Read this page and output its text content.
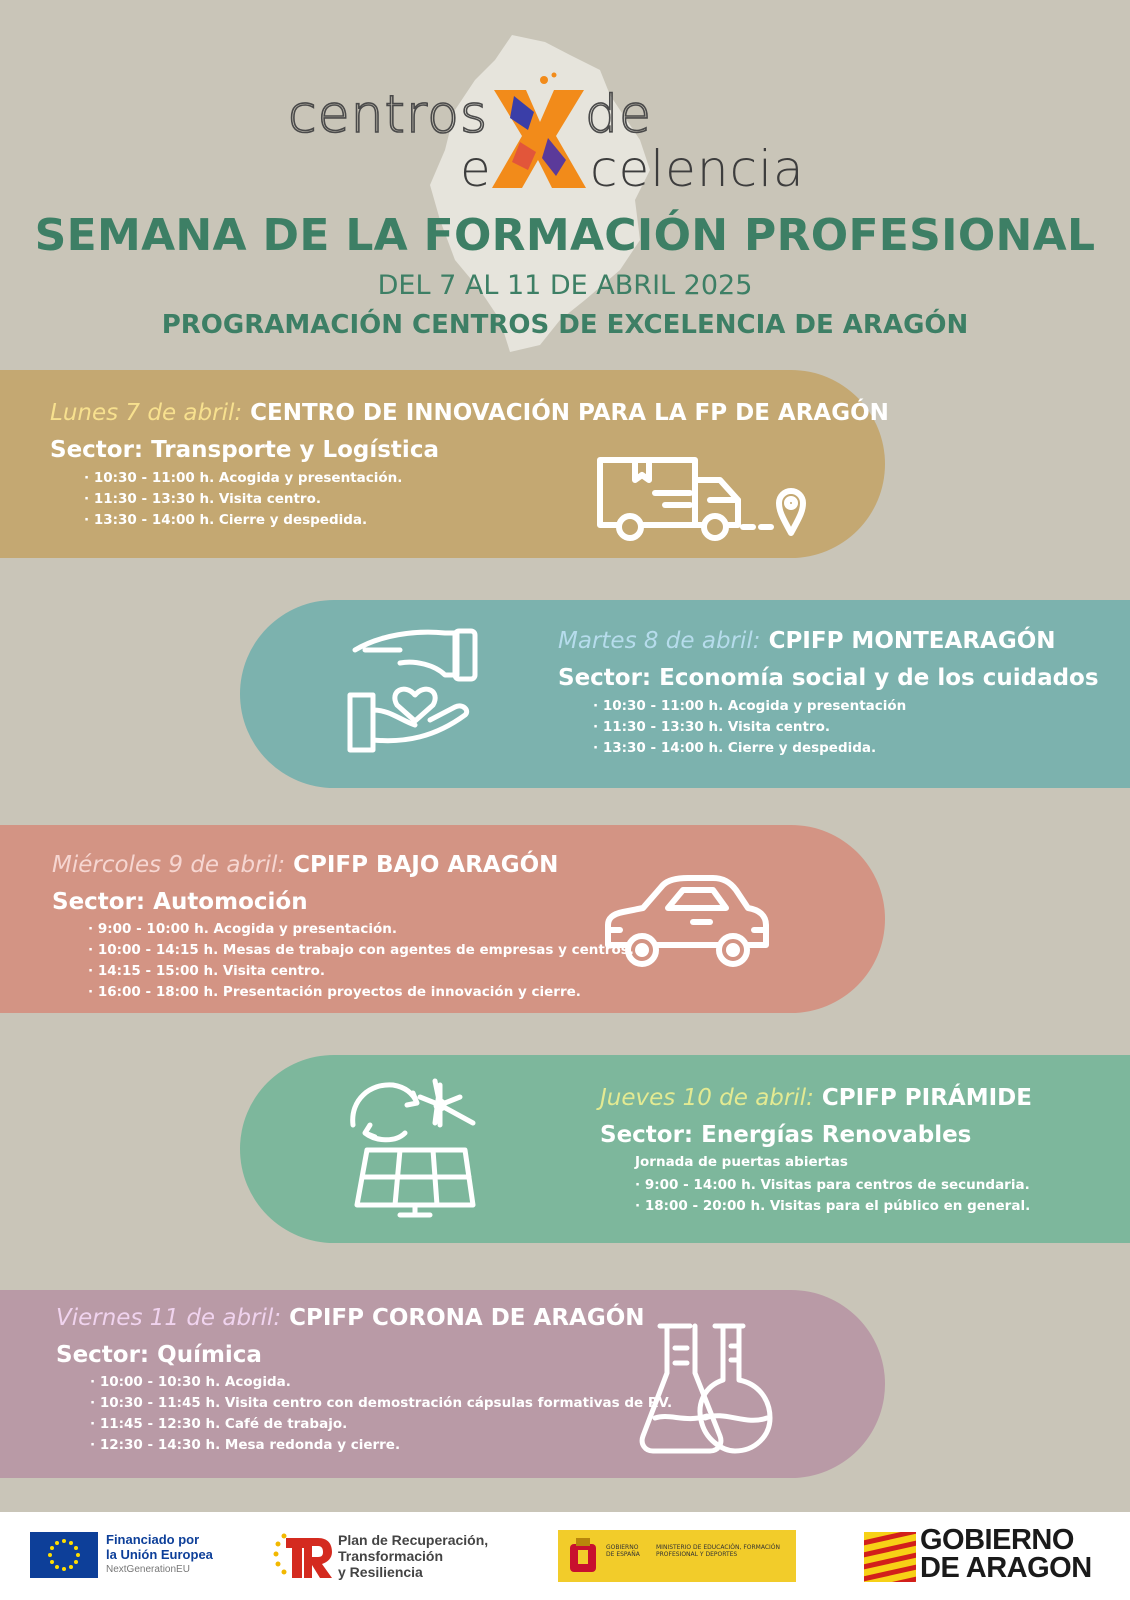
centros de
e celencia
SEMANA DE LA FORMACIÓN PROFESIONAL
DEL 7 AL 11 DE ABRIL 2025
PROGRAMACIÓN CENTROS DE EXCELENCIA DE ARAGÓN
Lunes 7 de abril: CENTRO DE INNOVACIÓN PARA LA FP DE ARAGÓN
Sector: Transporte y Logística
· 10:30 - 11:00 h. Acogida y presentación.
· 11:30 - 13:30 h. Visita centro.
· 13:30 - 14:00 h. Cierre y despedida.
Martes 8 de abril: CPIFP MONTEARAGÓN
Sector: Economía social y de los cuidados
· 10:30 - 11:00 h. Acogida y presentación
· 11:30 - 13:30 h. Visita centro.
· 13:30 - 14:00 h. Cierre y despedida.
Miércoles 9 de abril: CPIFP BAJO ARAGÓN
Sector: Automoción
· 9:00 - 10:00 h. Acogida y presentación.
· 10:00 - 14:15 h. Mesas de trabajo con agentes de empresas y centros.
· 14:15 - 15:00 h. Visita centro.
· 16:00 - 18:00 h. Presentación proyectos de innovación y cierre.
Jueves 10 de abril: CPIFP PIRÁMIDE
Sector: Energías Renovables
Jornada de puertas abiertas
· 9:00 - 14:00 h. Visitas para centros de secundaria.
· 18:00 - 20:00 h. Visitas para el público en general.
Viernes 11 de abril: CPIFP CORONA DE ARAGÓN
Sector: Química
· 10:00 - 10:30 h. Acogida.
· 10:30 - 11:45 h. Visita centro con demostración cápsulas formativas de RV.
· 11:45 - 12:30 h. Café de trabajo.
· 12:30 - 14:30 h. Mesa redonda y cierre.
Financiado por
la Unión Europea
NextGenerationEU
Plan de Recuperación,
Transformación
y Resiliencia
GOBIERNO DE ESPAÑA
MINISTERIO DE EDUCACIÓN, FORMACIÓN PROFESIONAL Y DEPORTES	GOBIERNO
DE ARAGON
